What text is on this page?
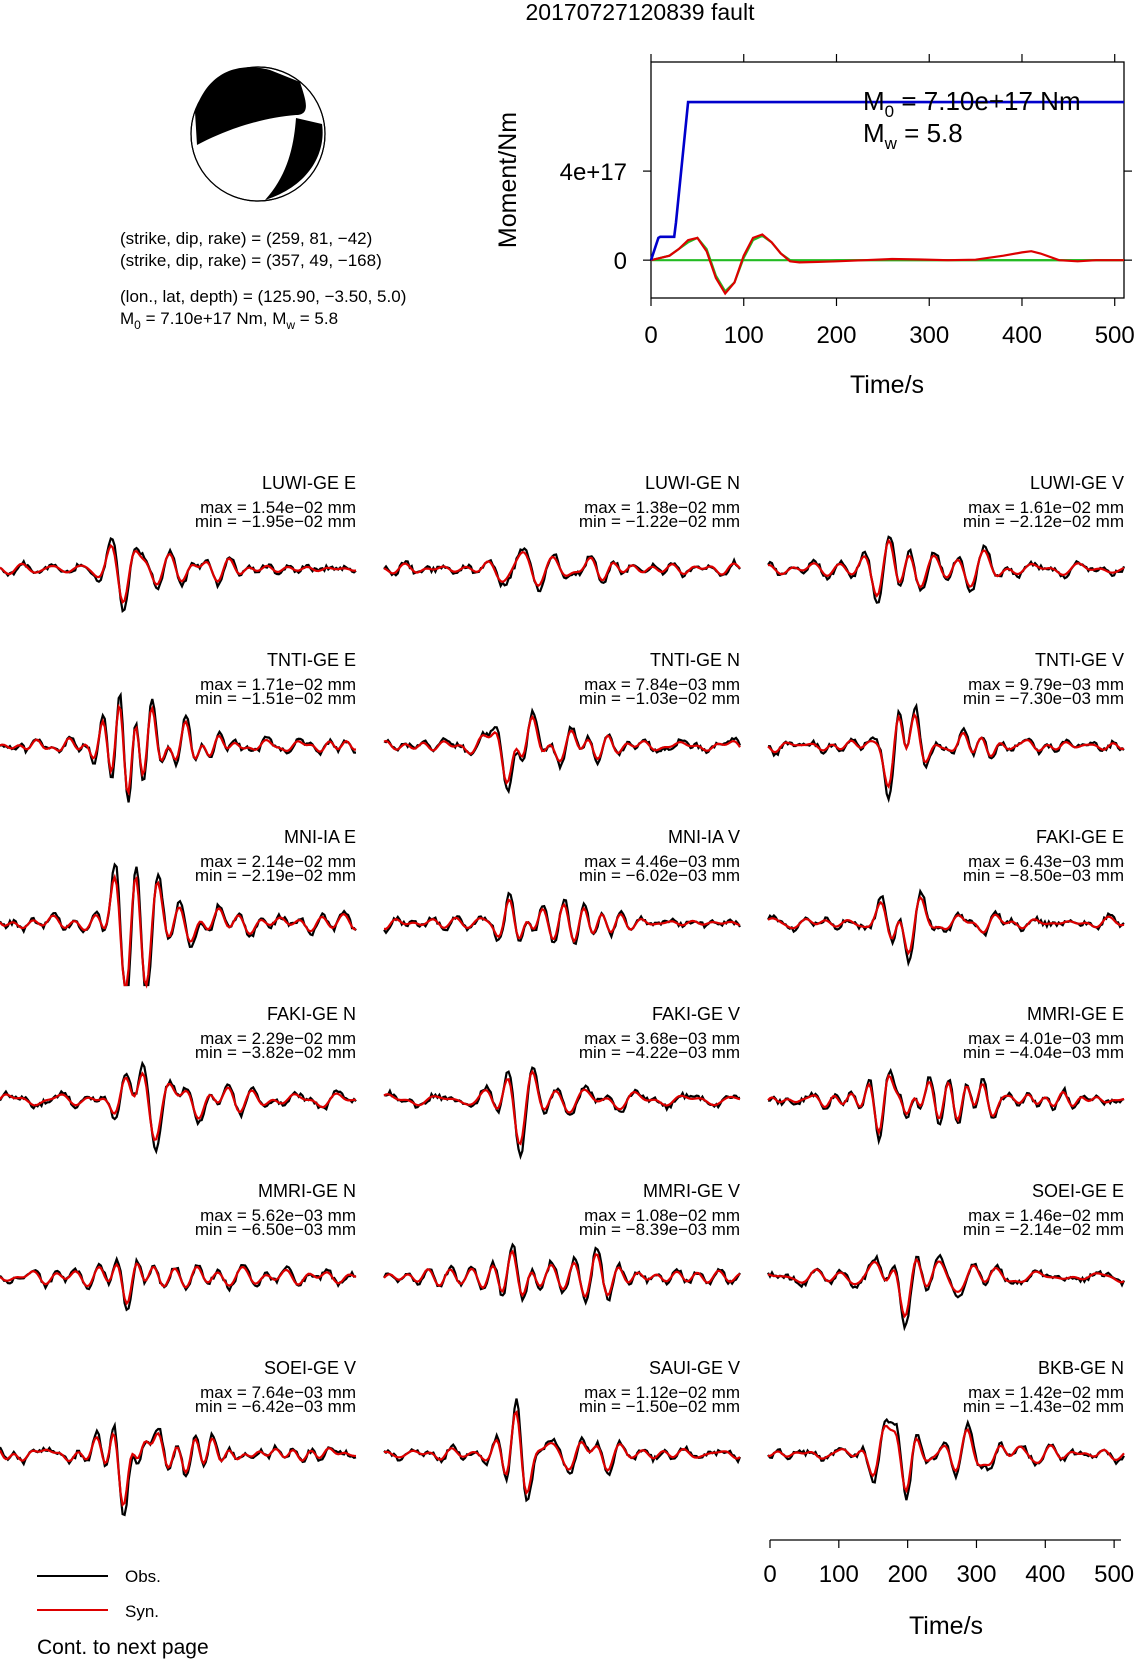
20170727120839 fault
(strike, dip, rake) = (259, 81, −42)
(strike, dip, rake) = (357, 49, −168)
(lon., lat, depth) = (125.90, −3.50, 5.0)
$M_0 = 7.10e+17$ Nm, $M_w = 5.8$
0	100 200 300 400 500
0
4e+17
Moment/Nm
Time/s
$M_0 = 7.10e+17$ Nm
$M_w = 5.8$
LUWI-GE E
max = 1.54e−02 mm
min = −1.95e−02 mm
LUWI-GE N
max = 1.38e−02 mm
min = −1.22e−02 mm
LUWI-GE V
max = 1.61e−02 mm
min = −2.12e−02 mm
TNTI-GE E
max = 1.71e−02 mm
min = −1.51e−02 mm
TNTI-GE N
max = 7.84e−03 mm
min = −1.03e−02 mm
TNTI-GE V
max = 9.79e−03 mm
min = −7.30e−03 mm
MNI-IA E
max = 2.14e−02 mm
min = −2.19e−02 mm
MNI-IA V
max = 4.46e−03 mm
min = −6.02e−03 mm
FAKI-GE E
max = 6.43e−03 mm
min = −8.50e−03 mm
FAKI-GE N
max = 2.29e−02 mm
min = −3.82e−02 mm
FAKI-GE V
max = 3.68e−03 mm
min = −4.22e−03 mm
MMRI-GE E
max = 4.01e−03 mm
min = −4.04e−03 mm
MMRI-GE N
max = 5.62e−03 mm
min = −6.50e−03 mm
MMRI-GE V
max = 1.08e−02 mm
min = −8.39e−03 mm
SOEI-GE E
max = 1.46e−02 mm
min = −2.14e−02 mm
SOEI-GE V
max = 7.64e−03 mm
min = −6.42e−03 mm
SAUI-GE V
max = 1.12e−02 mm
min = −1.50e−02 mm
BKB-GE N
max = 1.42e−02 mm
min = −1.43e−02 mm
0 100 200 300 400 500
Time/s
Obs.
Syn.
Cont. to next page
